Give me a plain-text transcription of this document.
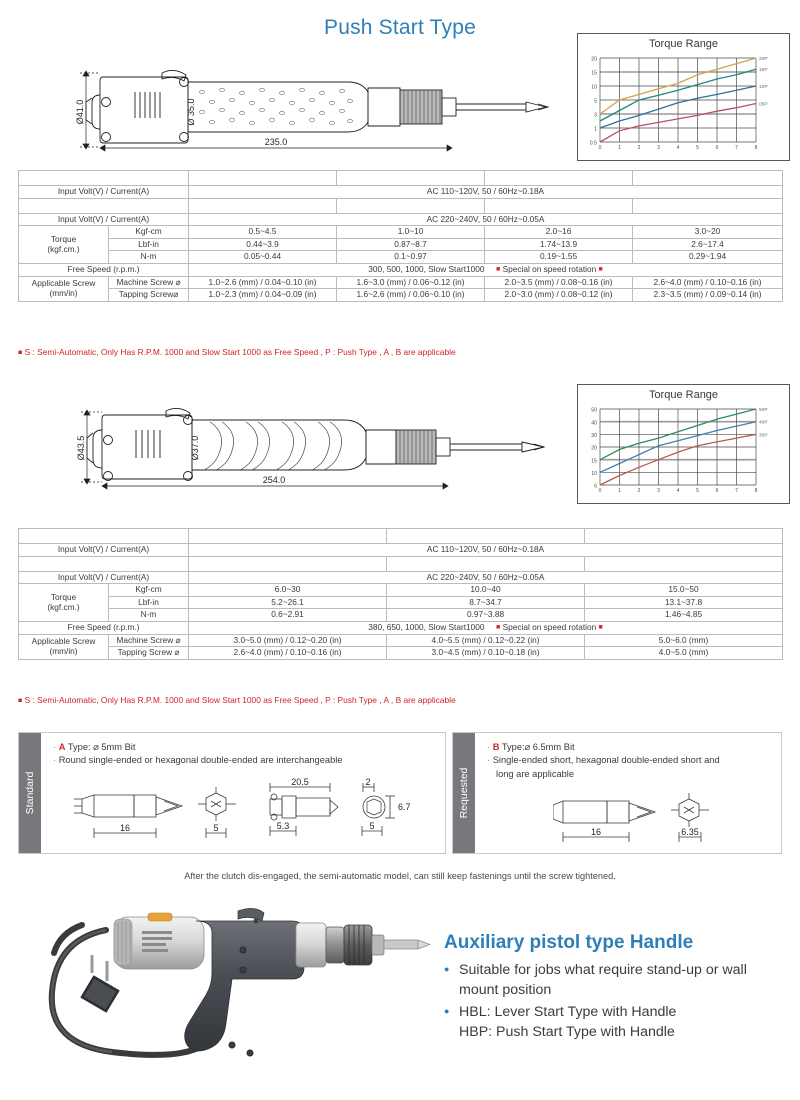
Push Start Type
Ø41.0	Ø 35.0
235.0
Torque Range
0.5
1
3
5
10
15
20
0	1	2	3	4	5	6	7	8
20P
16P
10P
05P
Model		BP-1105/BPS-1105	BP-1110/BPS-1110	BP-1116/BPS-1116	BP-1120/BPS-1120
Input Volt(V) / Current(A)		AC 110~120V, 50 / 60Hz~0.18A			
Model		BP-2205/BPS-2205	BP-2210/BPS-2210	BP-2216/BPS-2216	BP-2220/BPS-2220
Input Volt(V) / Current(A)		AC 220~240V, 50 / 60Hz~0.05A			

Torque
(kgf.cm.)	Kgf-cm	0.5~4.5	1.0~10	2.0~16	3.0~20
	Lbf-in	0.44~3.9	0.87~8.7	1.74~13.9	2.6~17.4
	N-m	0.05~0.44	0.1~0.97	0.19~1.55	0.29~1.94
Free Speed (r.p.m.)		300, 500, 1000, Slow Start1000 ■ Special on speed rotation ■			

Applicable Screw
(mm/in)	Machine Screw ⌀	1.0~2.6 (mm) / 0.04~0.10 (in)	1.6~3.0 (mm) / 0.06~0.12 (in)	2.0~3.5 (mm) / 0.08~0.16 (in)	2.6~4.0 (mm) / 0.10~0.16 (in)
	Tapping Screw⌀	1.0~2.3 (mm) / 0.04~0.09 (in)	1.6~2.6 (mm) / 0.06~0.10 (in)	2.0~3.0 (mm) / 0.08~0.12 (in)	2.3~3.5 (mm) / 0.09~0.14 (in)
■ S : Semi-Automatic, Only Has R.P.M. 1000 and Slow Start 1000 as Free Speed , P : Push Type , A , B are applicable
Ø43.5	Ø37.0
254.0
Torque Range
6
10
15
20
30
40
50
0	1	2	3	4	5	6	7	8
50P
40P
30P
Model		BP-1130 / BPS-1130	BP-1140 / BPS-1140	BP-1150 / BPS-1150
Input Volt(V) / Current(A)		AC 110~120V, 50 / 60Hz~0.18A		
Model		BP-2230 / BPS-2230	BP-2240 / BPS-2240	BP-2250 / BPS-2250
Input Volt(V) / Current(A)		AC 220~240V, 50 / 60Hz~0.05A		

Torque
(kgf.cm.)	Kgf-cm	6.0~30	10.0~40	15.0~50
	Lbf-in	5.2~26.1	8.7~34.7	13.1~37.8
	N-m	0.6~2.91	0.97~3.88	1.46~4.85
Free Speed (r.p.m.)		380, 650, 1000, Slow Start1000 ■ Special on speed rotation ■		

Applicable Screw
(mm/in)	Machine Screw ⌀	3.0~5.0 (mm) / 0.12~0.20 (in)	4.0~5.5 (mm) / 0.12~0.22 (in)	5.0~6.0 (mm)
	Tapping Screw ⌀	2.6~4.0 (mm) / 0.10~0.16 (in)	3.0~4.5 (mm) / 0.10~0.18 (in)	4.0~5.0 (mm)
■ S : Semi-Automatic, Only Has R.P.M. 1000 and Slow Start 1000 as Free Speed , P : Push Type , A , B are applicable
Standard
· A Type: ⌀ 5mm Bit
· Round single-ended or hexagonal double-ended are interchangeable
16	5
20.5
5.3
2
6.7
5
Requested
· B Type:⌀ 6.5mm Bit
· Single-ended short, hexagonal double-ended short and
long are applicable
16	6.35
After the clutch dis-engaged, the semi-automatic model, can still keep fastenings until the screw tightened.
Auxiliary pistol type Handle
● Suitable for jobs what require stand-up or wall mount position
● HBL: Lever Start Type with Handle
HBP: Push Start Type with Handle
